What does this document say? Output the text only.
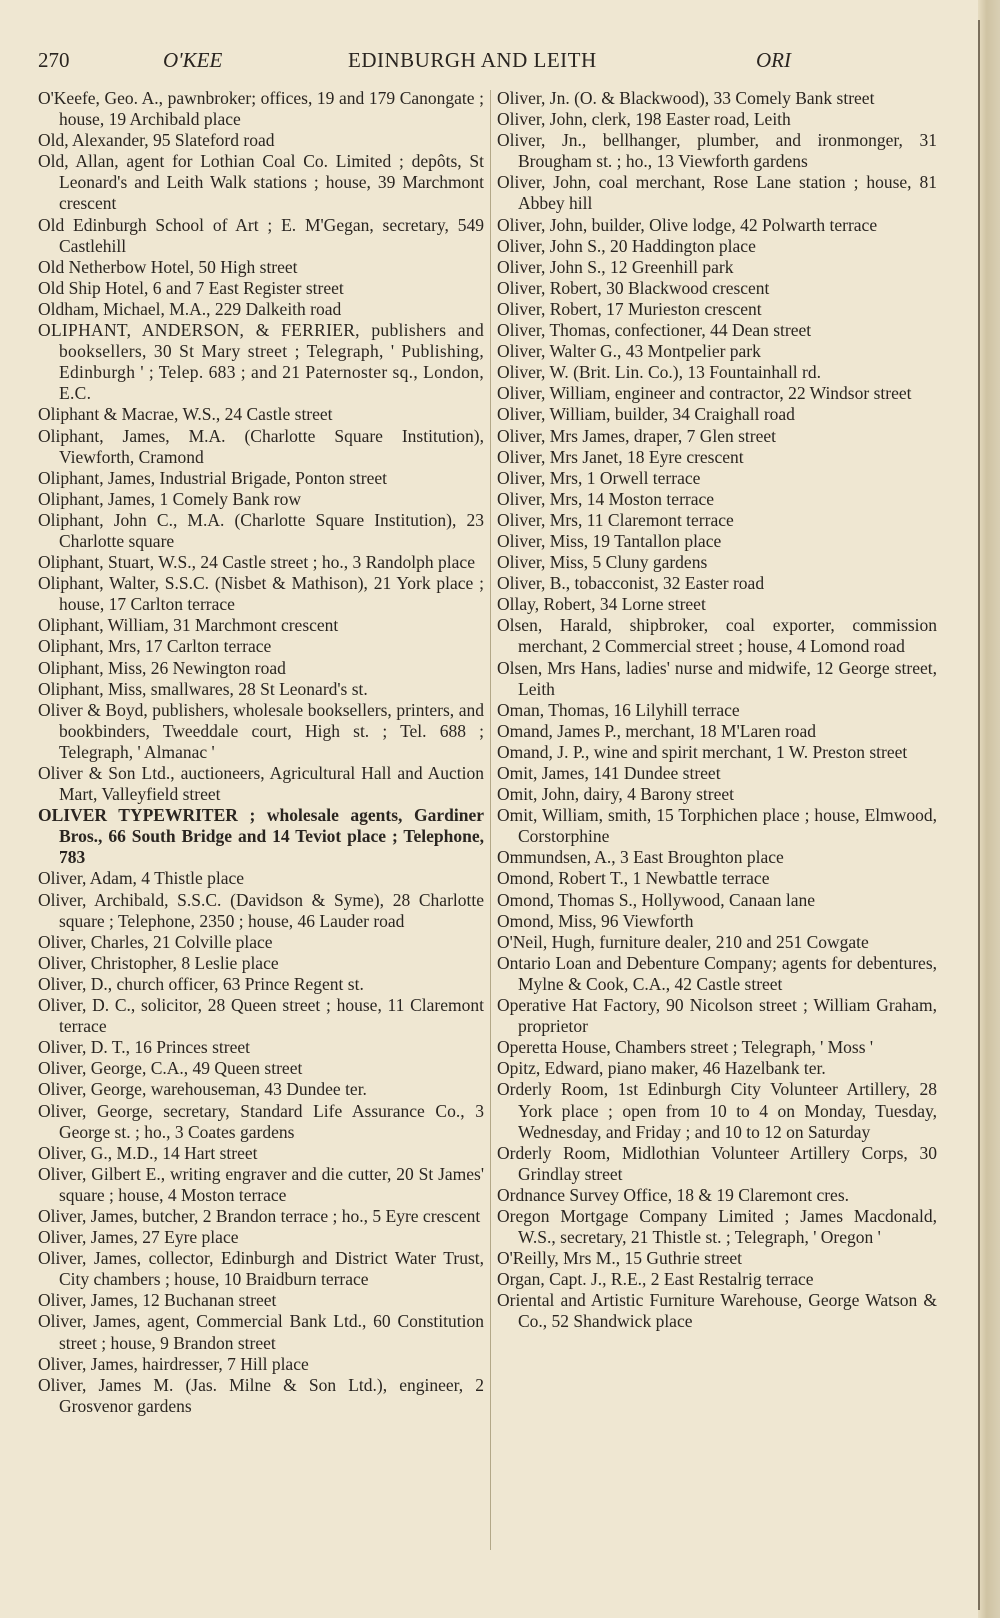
270	O'KEE	EDINBURGH AND LEITH	ORI
O'Keefe, Geo. A., pawnbroker; offices, 19 and 179 Canongate ; house, 19 Archibald place
Old, Alexander, 95 Slateford road
Old, Allan, agent for Lothian Coal Co. Limited ; depôts, St Leonard's and Leith Walk stations ; house, 39 Marchmont crescent
Old Edinburgh School of Art ; E. M'Gegan, secretary, 549 Castlehill
Old Netherbow Hotel, 50 High street
Old Ship Hotel, 6 and 7 East Register street
Oldham, Michael, M.A., 229 Dalkeith road
OLIPHANT, ANDERSON, & FERRIER, publishers and booksellers, 30 St Mary street ; Telegraph, ' Publishing, Edinburgh ' ; Telep. 683 ; and 21 Paternoster sq., London, E.C.
Oliphant & Macrae, W.S., 24 Castle street
Oliphant, James, M.A. (Charlotte Square Institution), Viewforth, Cramond
Oliphant, James, Industrial Brigade, Ponton street
Oliphant, James, 1 Comely Bank row
Oliphant, John C., M.A. (Charlotte Square Institution), 23 Charlotte square
Oliphant, Stuart, W.S., 24 Castle street ; ho., 3 Randolph place
Oliphant, Walter, S.S.C. (Nisbet & Mathison), 21 York place ; house, 17 Carlton terrace
Oliphant, William, 31 Marchmont crescent
Oliphant, Mrs, 17 Carlton terrace
Oliphant, Miss, 26 Newington road
Oliphant, Miss, smallwares, 28 St Leonard's st.
Oliver & Boyd, publishers, wholesale booksellers, printers, and bookbinders, Tweeddale court, High st. ; Tel. 688 ; Telegraph, ' Almanac '
Oliver & Son Ltd., auctioneers, Agricultural Hall and Auction Mart, Valleyfield street
OLIVER TYPEWRITER ; wholesale agents, Gardiner Bros., 66 South Bridge and 14 Teviot place ; Telephone, 783
Oliver, Adam, 4 Thistle place
Oliver, Archibald, S.S.C. (Davidson & Syme), 28 Charlotte square ; Telephone, 2350 ; house, 46 Lauder road
Oliver, Charles, 21 Colville place
Oliver, Christopher, 8 Leslie place
Oliver, D., church officer, 63 Prince Regent st.
Oliver, D. C., solicitor, 28 Queen street ; house, 11 Claremont terrace
Oliver, D. T., 16 Princes street
Oliver, George, C.A., 49 Queen street
Oliver, George, warehouseman, 43 Dundee ter.
Oliver, George, secretary, Standard Life Assurance Co., 3 George st. ; ho., 3 Coates gardens
Oliver, G., M.D., 14 Hart street
Oliver, Gilbert E., writing engraver and die cutter, 20 St James' square ; house, 4 Moston terrace
Oliver, James, butcher, 2 Brandon terrace ; ho., 5 Eyre crescent
Oliver, James, 27 Eyre place
Oliver, James, collector, Edinburgh and District Water Trust, City chambers ; house, 10 Braidburn terrace
Oliver, James, 12 Buchanan street
Oliver, James, agent, Commercial Bank Ltd., 60 Constitution street ; house, 9 Brandon street
Oliver, James, hairdresser, 7 Hill place
Oliver, James M. (Jas. Milne & Son Ltd.), engineer, 2 Grosvenor gardens
Oliver, Jn. (O. & Blackwood), 33 Comely Bank street
Oliver, John, clerk, 198 Easter road, Leith
Oliver, Jn., bellhanger, plumber, and ironmonger, 31 Brougham st. ; ho., 13 Viewforth gardens
Oliver, John, coal merchant, Rose Lane station ; house, 81 Abbey hill
Oliver, John, builder, Olive lodge, 42 Polwarth terrace
Oliver, John S., 20 Haddington place
Oliver, John S., 12 Greenhill park
Oliver, Robert, 30 Blackwood crescent
Oliver, Robert, 17 Murieston crescent
Oliver, Thomas, confectioner, 44 Dean street
Oliver, Walter G., 43 Montpelier park
Oliver, W. (Brit. Lin. Co.), 13 Fountainhall rd.
Oliver, William, engineer and contractor, 22 Windsor street
Oliver, William, builder, 34 Craighall road
Oliver, Mrs James, draper, 7 Glen street
Oliver, Mrs Janet, 18 Eyre crescent
Oliver, Mrs, 1 Orwell terrace
Oliver, Mrs, 14 Moston terrace
Oliver, Mrs, 11 Claremont terrace
Oliver, Miss, 19 Tantallon place
Oliver, Miss, 5 Cluny gardens
Oliver, B., tobacconist, 32 Easter road
Ollay, Robert, 34 Lorne street
Olsen, Harald, shipbroker, coal exporter, commission merchant, 2 Commercial street ; house, 4 Lomond road
Olsen, Mrs Hans, ladies' nurse and midwife, 12 George street, Leith
Oman, Thomas, 16 Lilyhill terrace
Omand, James P., merchant, 18 M'Laren road
Omand, J. P., wine and spirit merchant, 1 W. Preston street
Omit, James, 141 Dundee street
Omit, John, dairy, 4 Barony street
Omit, William, smith, 15 Torphichen place ; house, Elmwood, Corstorphine
Ommundsen, A., 3 East Broughton place
Omond, Robert T., 1 Newbattle terrace
Omond, Thomas S., Hollywood, Canaan lane
Omond, Miss, 96 Viewforth
O'Neil, Hugh, furniture dealer, 210 and 251 Cowgate
Ontario Loan and Debenture Company; agents for debentures, Mylne & Cook, C.A., 42 Castle street
Operative Hat Factory, 90 Nicolson street ; William Graham, proprietor
Operetta House, Chambers street ; Telegraph, ' Moss '
Opitz, Edward, piano maker, 46 Hazelbank ter.
Orderly Room, 1st Edinburgh City Volunteer Artillery, 28 York place ; open from 10 to 4 on Monday, Tuesday, Wednesday, and Friday ; and 10 to 12 on Saturday
Orderly Room, Midlothian Volunteer Artillery Corps, 30 Grindlay street
Ordnance Survey Office, 18 & 19 Claremont cres.
Oregon Mortgage Company Limited ; James Macdonald, W.S., secretary, 21 Thistle st. ; Telegraph, ' Oregon '
O'Reilly, Mrs M., 15 Guthrie street
Organ, Capt. J., R.E., 2 East Restalrig terrace
Oriental and Artistic Furniture Warehouse, George Watson & Co., 52 Shandwick place
